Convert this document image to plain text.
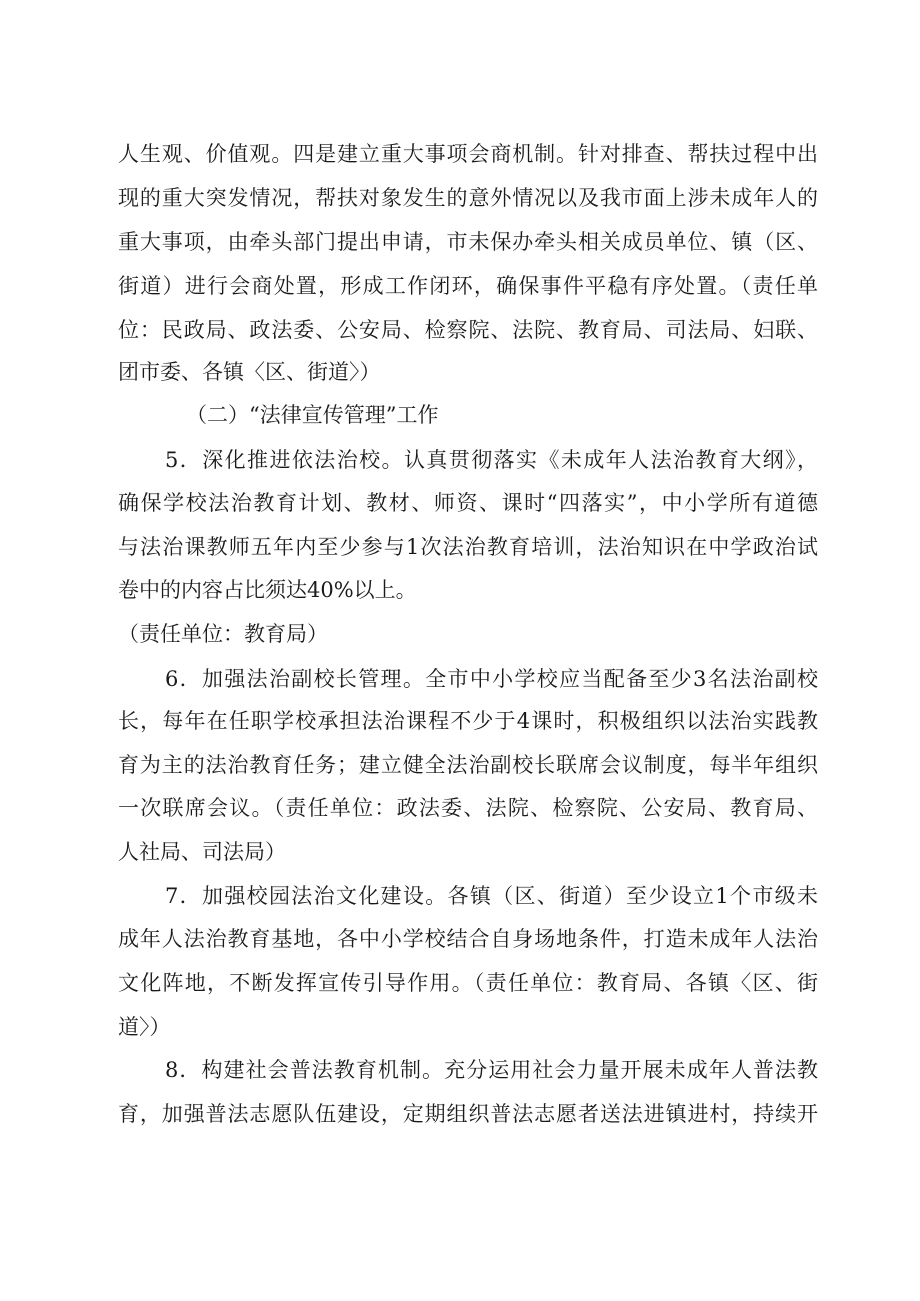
人生观、价值观。四是建立重大事项会商机制。针对排查、帮扶过程中出
现的重大突发情况，帮扶对象发生的意外情况以及我市面上涉未成年人的
重大事项，由牵头部门提出申请，市未保办牵头相关成员单位、镇（区、
街道）进行会商处置，形成工作闭环，确保事件平稳有序处置。（责任单
位：民政局、政法委、公安局、检察院、法院、教育局、司法局、妇联、
团市委、各镇〈区、街道〉）
（二）“法律宣传管理”工作
5．深化推进依法治校。认真贯彻落实《未成年人法治教育大纲》，
确保学校法治教育计划、教材、师资、课时“四落实”，中小学所有道德
与法治课教师五年内至少参与1次法治教育培训，法治知识在中学政治试
卷中的内容占比须达40%以上。
（责任单位：教育局）
6．加强法治副校长管理。全市中小学校应当配备至少3名法治副校
长，每年在任职学校承担法治课程不少于4课时，积极组织以法治实践教
育为主的法治教育任务；建立健全法治副校长联席会议制度，每半年组织
一次联席会议。（责任单位：政法委、法院、检察院、公安局、教育局、
人社局、司法局）
7．加强校园法治文化建设。各镇（区、街道）至少设立1个市级未
成年人法治教育基地，各中小学校结合自身场地条件，打造未成年人法治
文化阵地，不断发挥宣传引导作用。（责任单位：教育局、各镇〈区、街
道〉）
8．构建社会普法教育机制。充分运用社会力量开展未成年人普法教
育，加强普法志愿队伍建设，定期组织普法志愿者送法进镇进村，持续开
